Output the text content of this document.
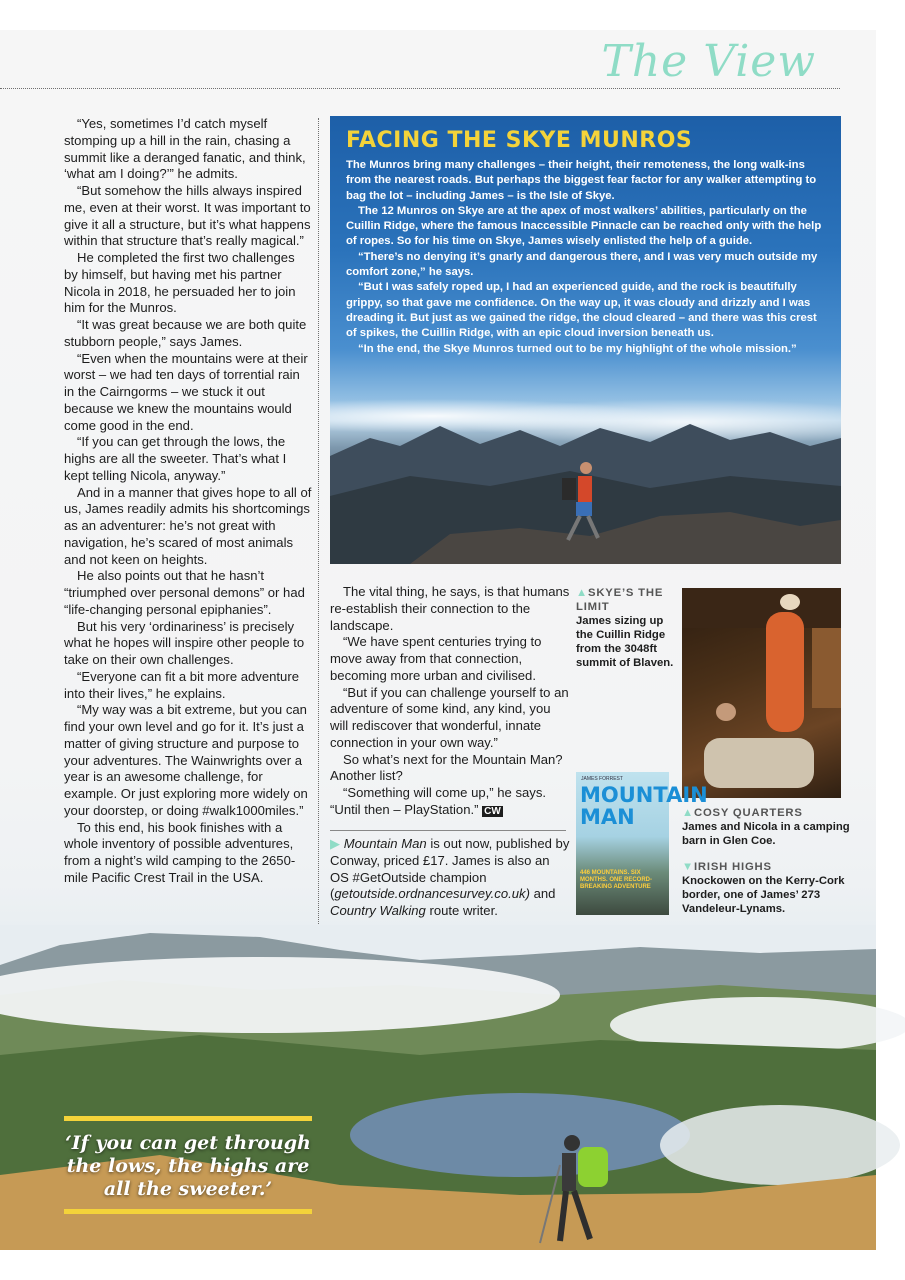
The View

“Yes, sometimes I’d catch myself stomping up a hill in the rain, chasing a summit like a deranged fanatic, and think, ‘what am I doing?’” he admits.

“But somehow the hills always inspired me, even at their worst. It was important to give it all a structure, but it’s what happens within that structure that’s really magical.”

He completed the first two challenges by himself, but having met his partner Nicola in 2018, he persuaded her to join him for the Munros.

“It was great because we are both quite stubborn people,” says James.

“Even when the mountains were at their worst – we had ten days of torrential rain in the Cairngorms – we stuck it out because we knew the mountains would come good in the end.

“If you can get through the lows, the highs are all the sweeter. That’s what I kept telling Nicola, anyway.”

And in a manner that gives hope to all of us, James readily admits his shortcomings as an adventurer: he’s not great with navigation, he’s scared of most animals and not keen on heights.

He also points out that he hasn’t “triumphed over personal demons” or had “life-changing personal epiphanies”.

But his very ‘ordinariness’ is precisely what he hopes will inspire other people to take on their own challenges.

“Everyone can fit a bit more adventure into their lives,” he explains.

“My way was a bit extreme, but you can find your own level and go for it. It’s just a matter of giving structure and purpose to your adventures. The Wainwrights over a year is an awesome challenge, for example. Or just exploring more widely on your doorstep, or doing #walk1000miles.”

To this end, his book finishes with a whole inventory of possible adventures, from a night’s wild camping to the 2650-mile Pacific Crest Trail in the USA.

FACING THE SKYE MUNROS

The Munros bring many challenges – their height, their remoteness, the long walk-ins from the nearest roads. But perhaps the biggest fear factor for any walker attempting to bag the lot – including James – is the Isle of Skye.

The 12 Munros on Skye are at the apex of most walkers’ abilities, particularly on the Cuillin Ridge, where the famous Inaccessible Pinnacle can be reached only with the help of ropes. So for his time on Skye, James wisely enlisted the help of a guide.

“There’s no denying it’s gnarly and dangerous there, and I was very much outside my comfort zone,” he says.

“But I was safely roped up, I had an experienced guide, and the rock is beautifully grippy, so that gave me confidence. On the way up, it was cloudy and drizzly and I was dreading it. But just as we gained the ridge, the cloud cleared – and there was this crest of spikes, the Cuillin Ridge, with an epic cloud inversion beneath us.

“In the end, the Skye Munros turned out to be my highlight of the whole mission.”

The vital thing, he says, is that humans re-establish their connection to the landscape.

“We have spent centuries trying to move away from that connection, becoming more urban and civilised.

“But if you can challenge yourself to an adventure of some kind, any kind, you will rediscover that wonderful, innate connection in your own way.”

So what’s next for the Mountain Man? Another list?

“Something will come up,” he says. “Until then – PlayStation.” CW

▶ Mountain Man is out now, published by Conway, priced £17. James is also an OS #GetOutside champion (getoutside.ordnancesurvey.co.uk) and Country Walking route writer.
▲SKYE’S THE LIMIT
James sizing up the Cuillin Ridge from the 3048ft summit of Blaven.
JAMES FORREST
MOUNTAIN MAN
446 MOUNTAINS. SIX MONTHS. ONE RECORD-BREAKING ADVENTURE
▲COSY QUARTERS
James and Nicola in a camping barn in Glen Coe.
▼IRISH HIGHS
Knockowen on the Kerry-Cork border, one of James’ 273 Vandeleur-Lynams.
‘If you can get through the lows, the highs are all the sweeter.’
